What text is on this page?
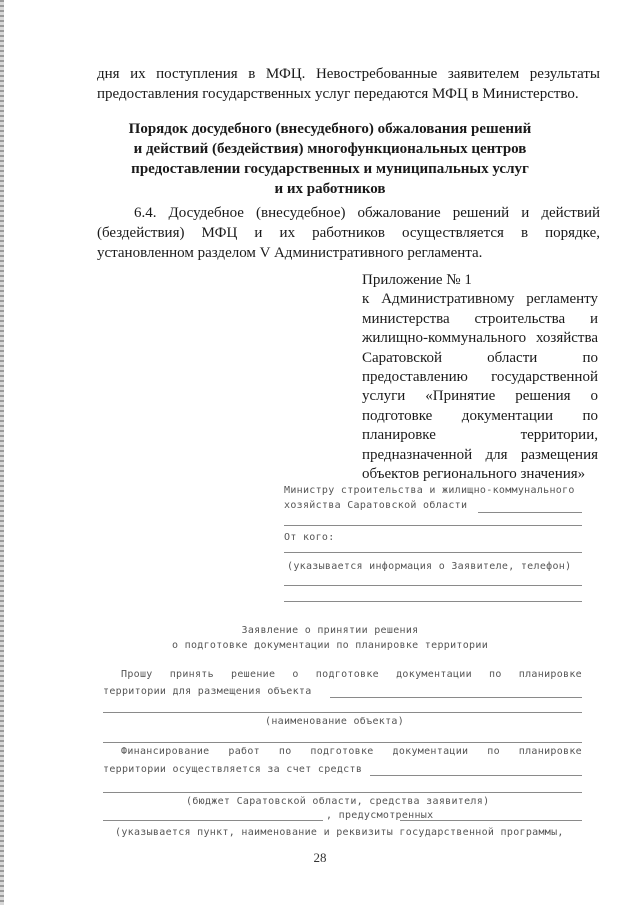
дня их поступления в МФЦ. Невостребованные заявителем результаты
предоставления государственных услуг передаются МФЦ в Министерство.
Порядок досудебного (внесудебного) обжалования решений
и действий (бездействия) многофункциональных центров
предоставлении государственных и муниципальных услуг
и их работников
6.4. Досудебное (внесудебное) обжалование решений и действий
(бездействия) МФЦ и их работников осуществляется в порядке,
установленном разделом V Административного регламента.
Приложение № 1
к Административному регламенту
министерства строительства и
жилищно-коммунального хозяйства
Саратовской области по
предоставлению государственной
услуги «Принятие решения о
подготовке документации по
планировке территории,
предназначенной для размещения
объектов регионального значения»
Министру строительства и жилищно-коммунального
хозяйства Саратовской области
От кого:
(указывается информация о Заявителе, телефон)
Заявление о принятии решения
о подготовке документации по планировке территории
Прошу принять решение о подготовке документации по планировке
территории для размещения объекта
(наименование объекта)
Финансирование работ по подготовке документации по планировке
территории осуществляется за счет средств
(бюджет Саратовской области, средства заявителя)
, предусмотренных
(указывается пункт, наименование и реквизиты государственной программы,
28
